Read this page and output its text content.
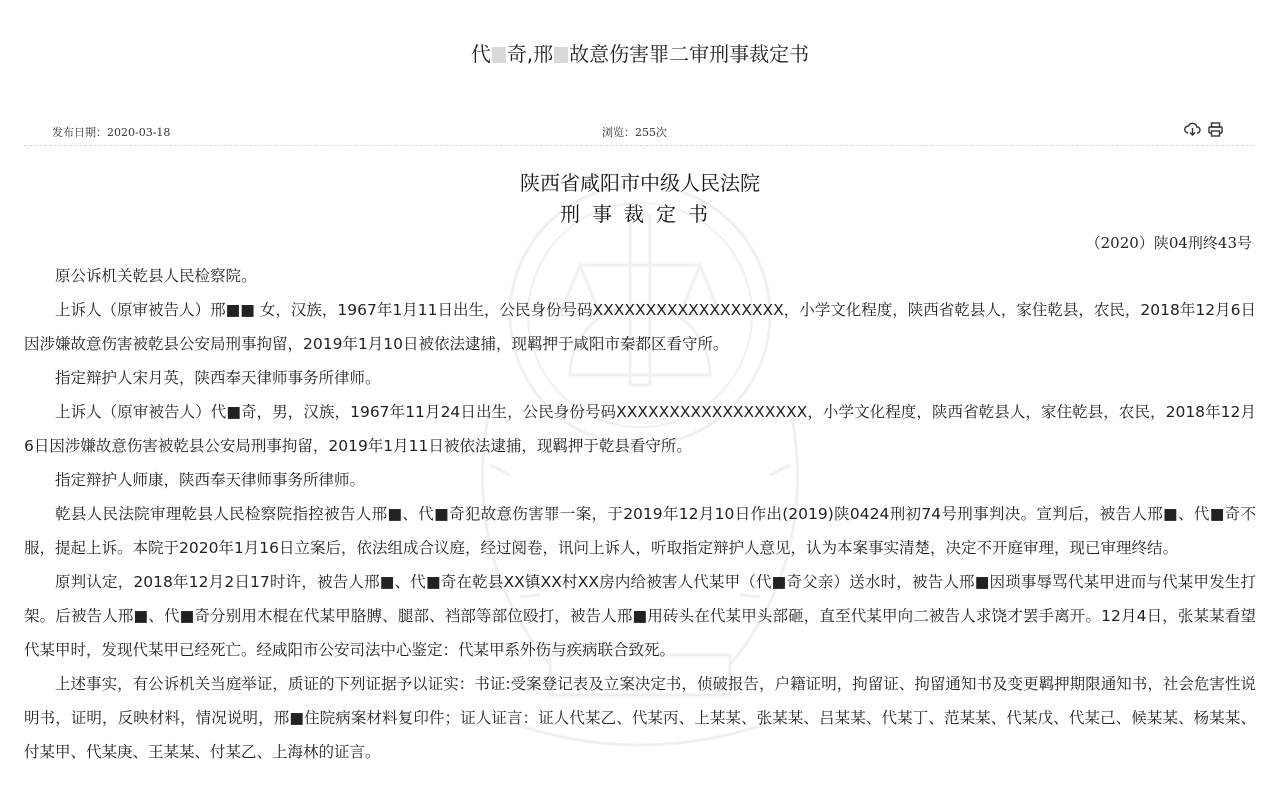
代 奇,邢 故意伤害罪二审刑事裁定书
发布日期：2020-03-18	浏览：255次
陕西省咸阳市中级人民法院
刑事裁定书
（2020）陕04刑终43号

原公诉机关乾县人民检察院。

上诉人（原审被告人）邢■■ 女，汉族，1967年1月11日出生，公民身份号码XXXXXXXXXXXXXXXXXX，小学文化程度，陕西省乾县人，家住乾县，农民，2018年12月6日因涉嫌故意伤害被乾县公安局刑事拘留，2019年1月10日被依法逮捕，现羁押于咸阳市秦都区看守所。

指定辩护人宋月英，陕西奉天律师事务所律师。

上诉人（原审被告人）代■奇，男，汉族，1967年11月24日出生，公民身份号码XXXXXXXXXXXXXXXXXX，小学文化程度，陕西省乾县人，家住乾县，农民，2018年12月6日因涉嫌故意伤害被乾县公安局刑事拘留，2019年1月11日被依法逮捕，现羁押于乾县看守所。

指定辩护人师康，陕西奉天律师事务所律师。

乾县人民法院审理乾县人民检察院指控被告人邢■、代■奇犯故意伤害罪一案，于2019年12月10日作出(2019)陕0424刑初74号刑事判决。宣判后，被告人邢■、代■奇不服，提起上诉。本院于2020年1月16日立案后，依法组成合议庭，经过阅卷，讯问上诉人，听取指定辩护人意见，认为本案事实清楚，决定不开庭审理，现已审理终结。

原判认定，2018年12月2日17时许，被告人邢■、代■奇在乾县XX镇XX村XX房内给被害人代某甲（代■奇父亲）送水时，被告人邢■因琐事辱骂代某甲进而与代某甲发生打架。后被告人邢■、代■奇分别用木棍在代某甲胳膊、腿部、裆部等部位殴打，被告人邢■用砖头在代某甲头部砸，直至代某甲向二被告人求饶才罢手离开。12月4日，张某某看望代某甲时，发现代某甲已经死亡。经咸阳市公安司法中心鉴定：代某甲系外伤与疾病联合致死。

上述事实，有公诉机关当庭举证，质证的下列证据予以证实：书证:受案登记表及立案决定书，侦破报告，户籍证明，拘留证、拘留通知书及变更羁押期限通知书，社会危害性说明书，证明，反映材料，情况说明，邢■住院病案材料复印件；证人证言：证人代某乙、代某丙、上某某、张某某、吕某某、代某丁、范某某、代某戊、代某己、候某某、杨某某、付某甲、代某庚、王某某、付某乙、上海林的证言。
